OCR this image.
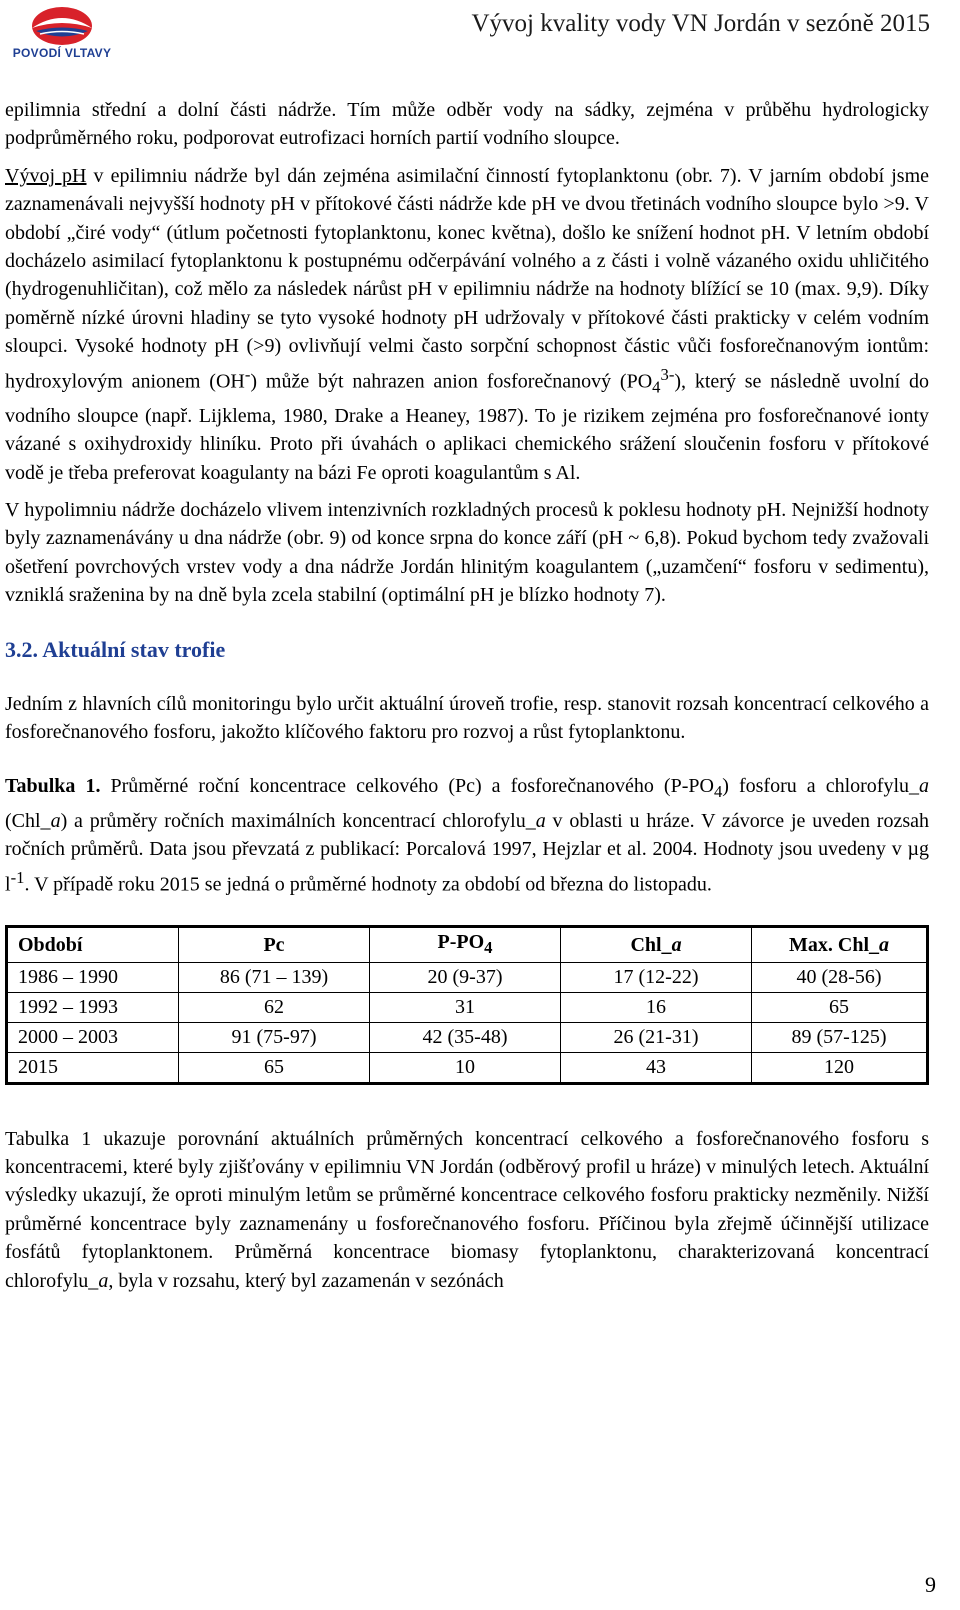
POVODÍ VLTAVY
Vývoj kvality vody VN Jordán v sezóně 2015

epilimnia střední a dolní části nádrže. Tím může odběr vody na sádky, zejména v průběhu hydrologicky podprůměrného roku, podporovat eutrofizaci horních partií vodního sloupce.

Vývoj pH v epilimniu nádrže byl dán zejména asimilační činností fytoplanktonu (obr. 7). V jarním období jsme zaznamenávali nejvyšší hodnoty pH v přítokové části nádrže kde pH ve dvou třetinách vodního sloupce bylo >9. V období „čiré vody“ (útlum početnosti fytoplanktonu, konec května), došlo ke snížení hodnot pH. V letním období docházelo asimilací fytoplanktonu k postupnému odčerpávání volného a z části i volně vázaného oxidu uhličitého (hydrogenuhličitan), což mělo za následek nárůst pH v epilimniu nádrže na hodnoty blížící se 10 (max. 9,9). Díky poměrně nízké úrovni hladiny se tyto vysoké hodnoty pH udržovaly v přítokové části prakticky v celém vodním sloupci. Vysoké hodnoty pH (>9) ovlivňují velmi často sorpční schopnost částic vůči fosforečnanovým iontům: hydroxylovým anionem (OH-) může být nahrazen anion fosforečnanový $(PO_4^{3-})$, který se následně uvolní do vodního sloupce (např. Lijklema, 1980, Drake a Heaney, 1987). To je rizikem zejména pro fosforečnanové ionty vázané s oxihydroxidy hliníku. Proto při úvahách o aplikaci chemického srážení sloučenin fosforu v přítokové vodě je třeba preferovat koagulanty na bázi Fe oproti koagulantům s Al.

V hypolimniu nádrže docházelo vlivem intenzivních rozkladných procesů k poklesu hodnoty pH. Nejnižší hodnoty byly zaznamenávány u dna nádrže (obr. 9) od konce srpna do konce září (pH ~ 6,8). Pokud bychom tedy zvažovali ošetření povrchových vrstev vody a dna nádrže Jordán hlinitým koagulantem („uzamčení“ fosforu v sedimentu), vzniklá sraženina by na dně byla zcela stabilní (optimální pH je blízko hodnoty 7).

3.2. Aktuální stav trofie

Jedním z hlavních cílů monitoringu bylo určit aktuální úroveň trofie, resp. stanovit rozsah koncentrací celkového a fosforečnanového fosforu, jakožto klíčového faktoru pro rozvoj a růst fytoplanktonu.

Tabulka 1. Průměrné roční koncentrace celkového (Pc) a fosforečnanového $(P-PO_4)$ fosforu a chlorofylu_a (Chl_a) a průměry ročních maximálních koncentrací chlorofylu_a v oblasti u hráze. V závorce je uveden rozsah ročních průměrů. Data jsou převzatá z publikací: Porcalová 1997, Hejzlar et al. 2004. Hodnoty jsou uvedeny v µg $l^{-1}$. V případě roku 2015 se jedná o průměrné hodnoty za období od března do listopadu.

Období	Pc	$P-PO_4$	Chl_a	Max. Chl_a
1986 – 1990	86 (71 – 139)	20 (9-37)	17 (12-22)	40 (28-56)
1992 – 1993	62	31	16	65
2000 – 2003	91 (75-97)	42 (35-48)	26 (21-31)	89 (57-125)
2015	65	10	43	120

Tabulka 1 ukazuje porovnání aktuálních průměrných koncentrací celkového a fosforečnanového fosforu s koncentracemi, které byly zjišťovány v epilimniu VN Jordán (odběrový profil u hráze) v minulých letech. Aktuální výsledky ukazují, že oproti minulým letům se průměrné koncentrace celkového fosforu prakticky nezměnily. Nižší průměrné koncentrace byly zaznamenány u fosforečnanového fosforu. Příčinou byla zřejmě účinnější utilizace fosfátů fytoplanktonem. Průměrná koncentrace biomasy fytoplanktonu, charakterizovaná koncentrací chlorofylu_a, byla v rozsahu, který byl zazamenán v sezónách

9
